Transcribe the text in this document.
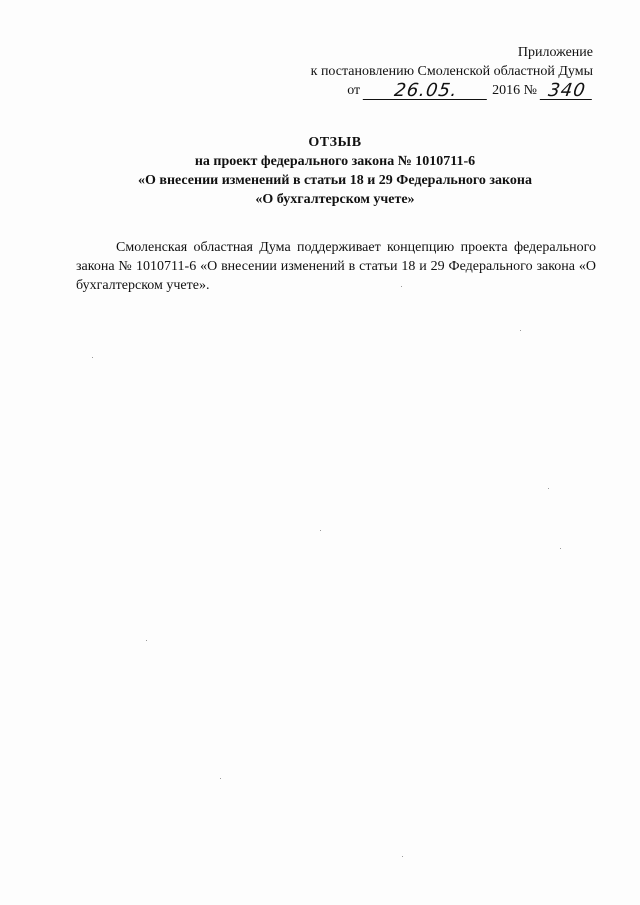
Приложение
к постановлению Смоленской областной Думы
от	26.05.	2016 № 340
ОТЗЫВ
на проект федерального закона № 1010711-6
«О внесении изменений в статьи 18 и 29 Федерального закона
«О бухгалтерском учете»
Смоленская областная Дума поддерживает концепцию проекта федерального закона № 1010711-6 «О внесении изменений в статьи 18 и 29 Федерального закона «О бухгалтерском учете».
